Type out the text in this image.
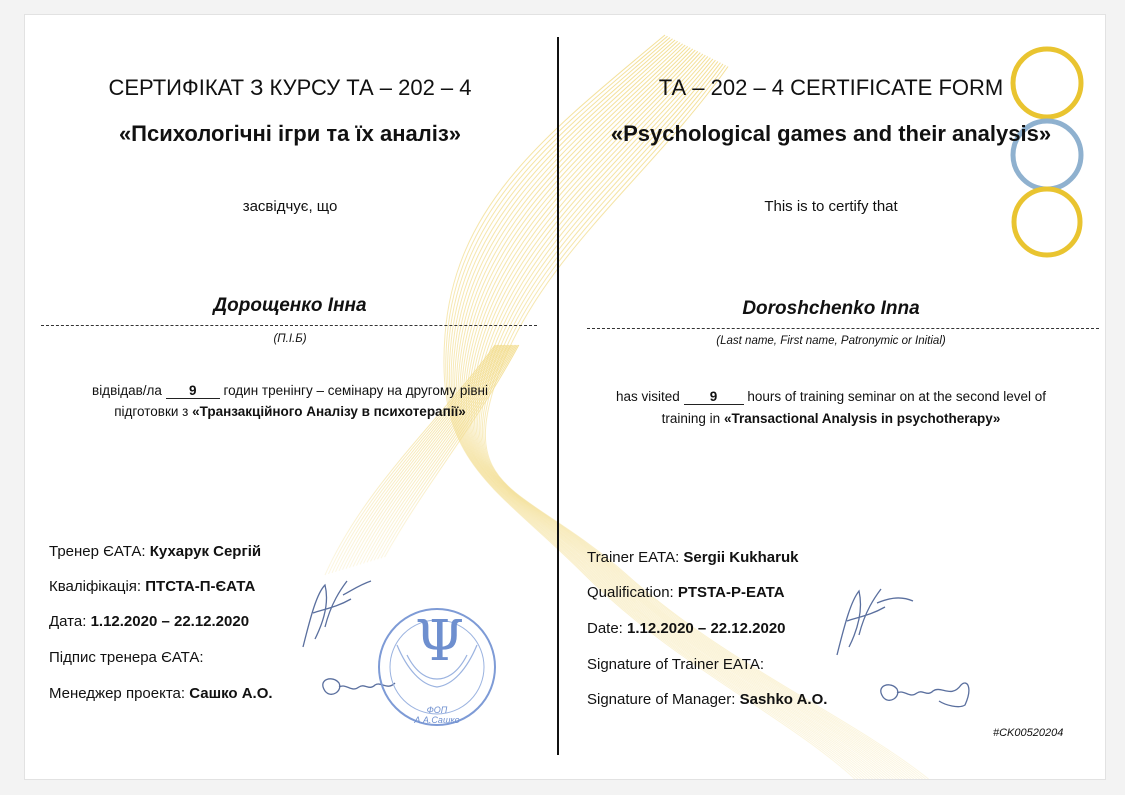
СЕРТИФІКАТ З КУРСУ ТА – 202 – 4
«Психологічні ігри та їх аналіз»
засвідчує, що
Дорощенко Інна
(П.І.Б)
відвідав/ла 9 годин тренінгу – семінару на другому рівні
підготовки з «Транзакційного Аналізу в психотерапії»
Тренер ЄАТА: Кухарук Сергій
Кваліфікація: ПТСТА-П-ЄАТА
Дата: 1.12.2020 – 22.12.2020
Підпис тренера ЄАТА:
Менеджер проекта: Сашко А.О.
ТА – 202 – 4 CERTIFICATE FORM
«Psychological games and their analysis»
This is to certify that
Doroshchenko Inna
(Last name, First name, Patronymic or Initial)
has visited 9 hours of training seminar on at the second level of
training in «Transactional Analysis in psychotherapy»
Trainer EATA: Sergii Kukharuk
Qualification: PTSTA-P-EATA
Date: 1.12.2020 – 22.12.2020
Signature of Trainer EATA:
Signature of Manager: Sashko A.O.
#CK00520204
Ψ
ФОП
А.А.Сашко
